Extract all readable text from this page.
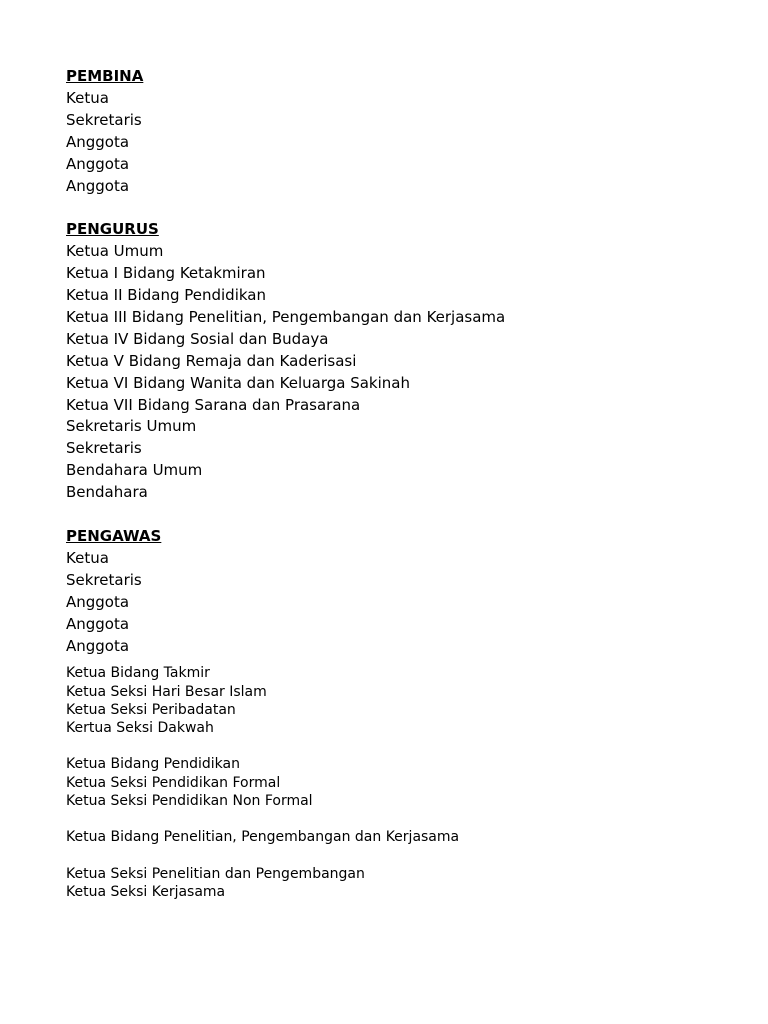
PEMBINA
Ketua
Sekretaris
Anggota
Anggota
Anggota
PENGURUS
Ketua Umum
Ketua I Bidang Ketakmiran
Ketua II Bidang Pendidikan
Ketua III Bidang Penelitian, Pengembangan dan Kerjasama
Ketua IV Bidang Sosial dan Budaya
Ketua V Bidang Remaja dan Kaderisasi
Ketua VI Bidang Wanita dan Keluarga Sakinah
Ketua VII Bidang Sarana dan Prasarana
Sekretaris Umum
Sekretaris
Bendahara Umum
Bendahara
PENGAWAS
Ketua
Sekretaris
Anggota
Anggota
Anggota
Ketua Bidang Takmir
Ketua Seksi Hari Besar Islam
Ketua Seksi Peribadatan
Kertua Seksi Dakwah
Ketua Bidang Pendidikan
Ketua Seksi Pendidikan Formal
Ketua Seksi Pendidikan Non Formal
Ketua Bidang Penelitian, Pengembangan dan Kerjasama
Ketua Seksi Penelitian dan Pengembangan
Ketua Seksi Kerjasama
